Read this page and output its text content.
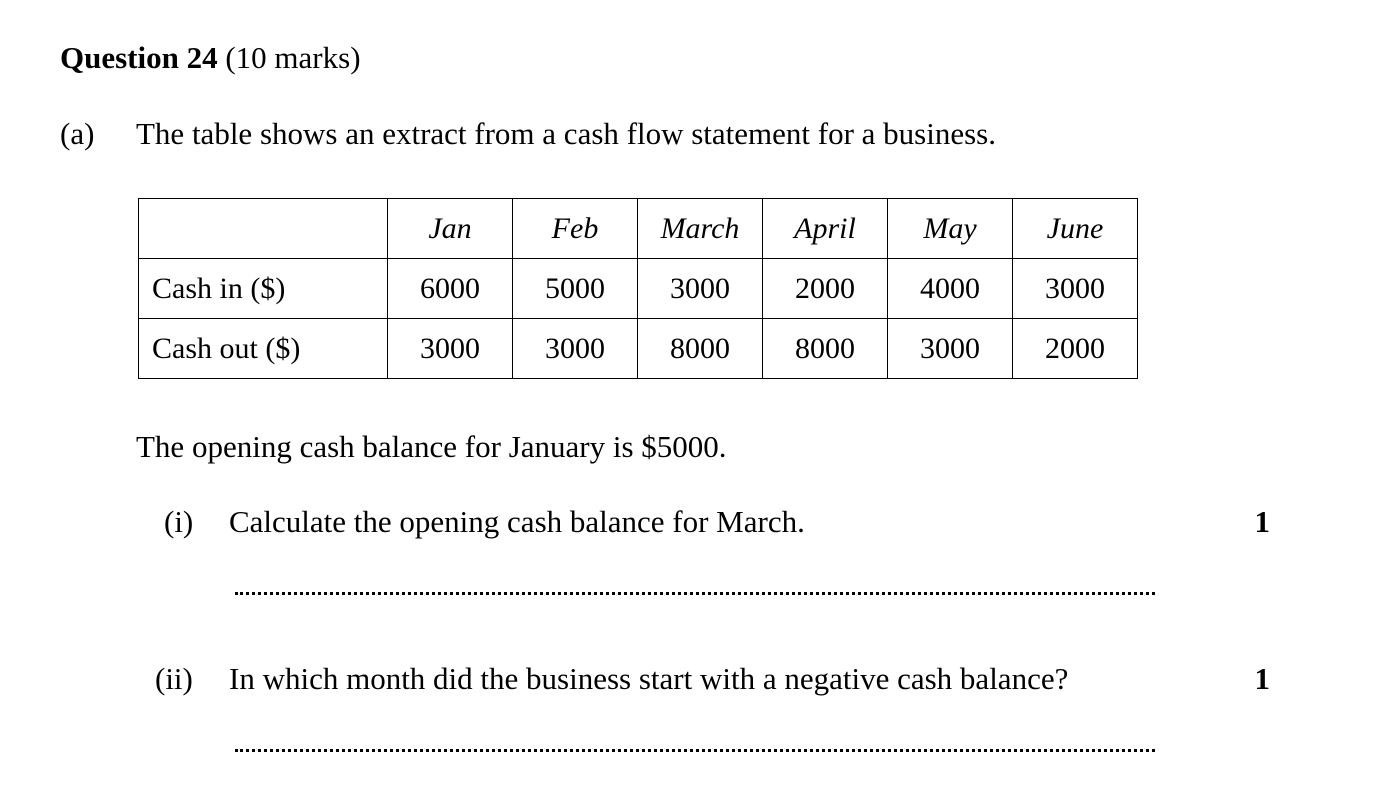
Question 24 (10 marks)
(a) The table shows an extract from a cash flow statement for a business.
	Jan	Feb	March	April	May	June
Cash in ($)	6000	5000	3000	2000	4000	3000
Cash out ($)	3000	3000	8000	8000	3000	2000
The opening cash balance for January is $5000.
(i) Calculate the opening cash balance for March.	1
(ii) In which month did the business start with a negative cash balance?	1
